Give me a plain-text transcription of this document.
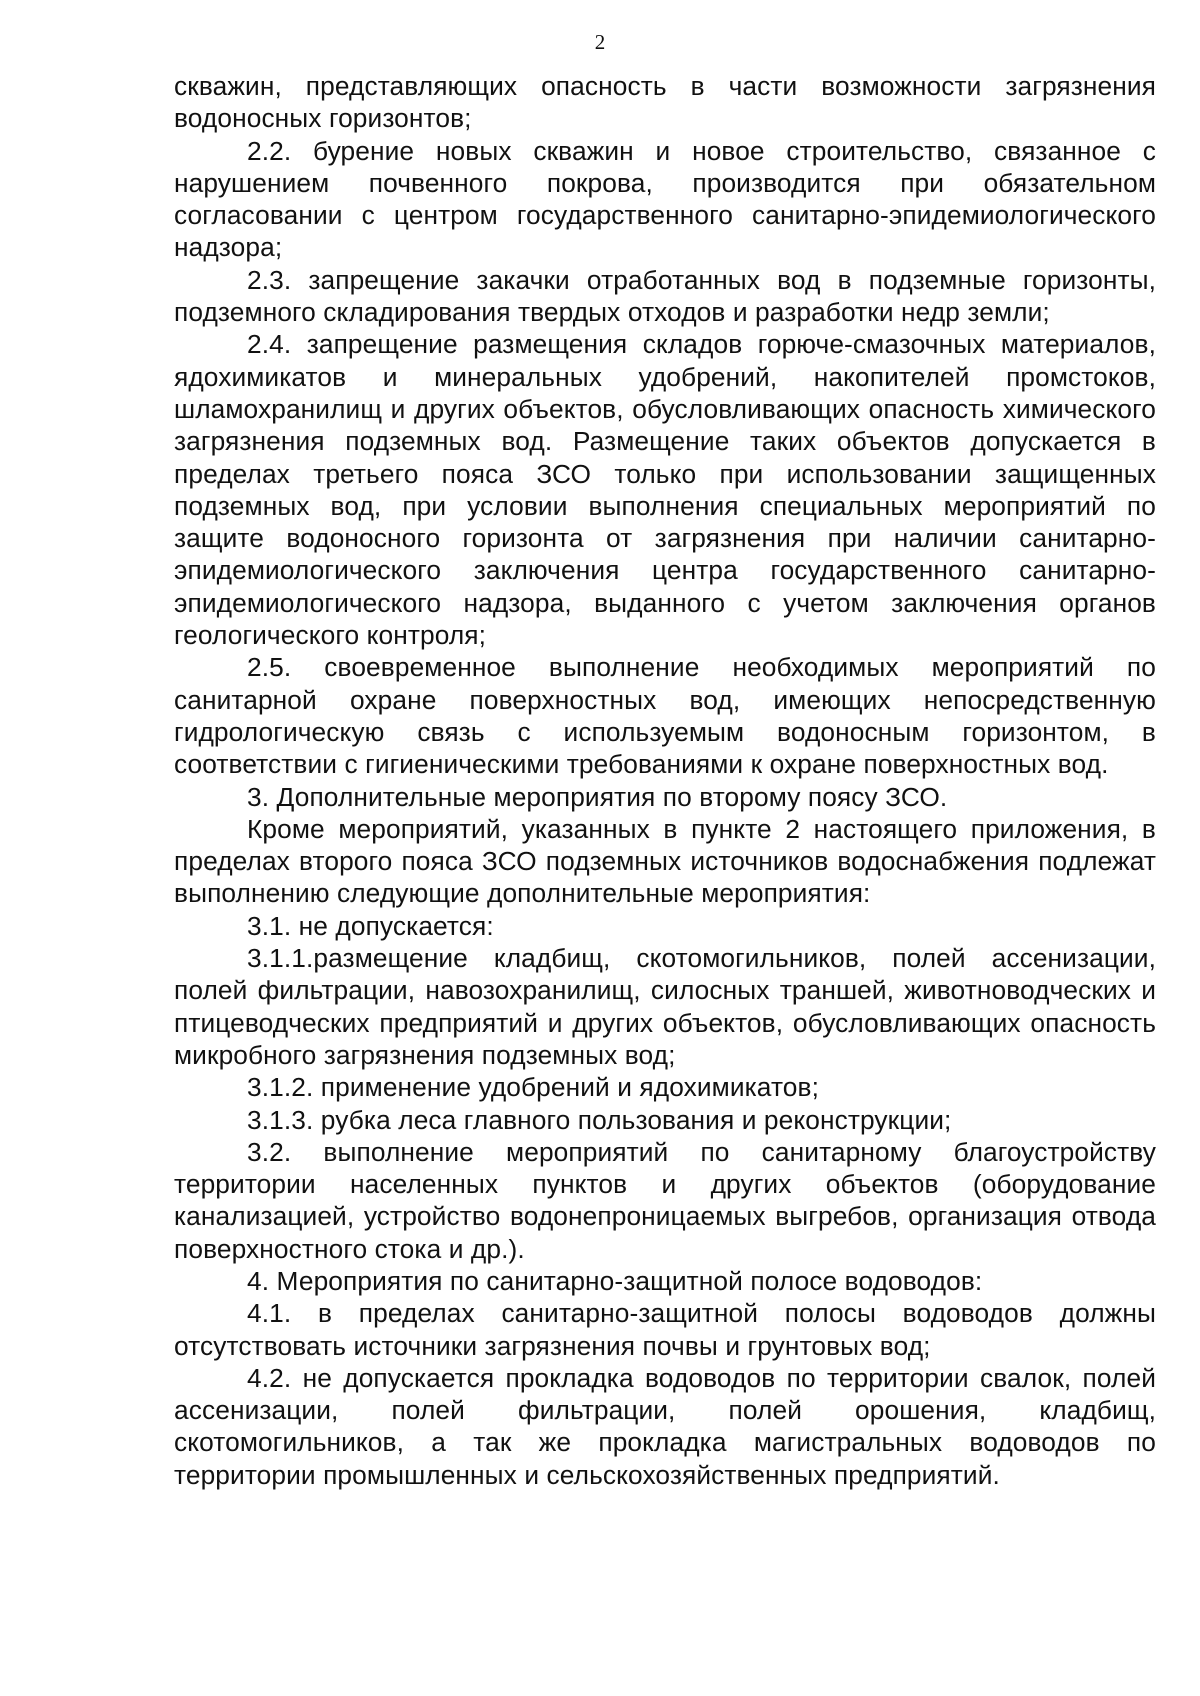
2

скважин, представляющих опасность в части возможности загрязнения водоносных горизонтов;

2.2. бурение новых скважин и новое строительство, связанное с нарушением почвенного покрова, производится при обязательном согласовании с центром государственного санитарно-эпидемиологического надзора;

2.3. запрещение закачки отработанных вод в подземные горизонты, подземного складирования твердых отходов и разработки недр земли;

2.4. запрещение размещения складов горюче-смазочных материалов, ядохимикатов и минеральных удобрений, накопителей промстоков, шламохранилищ и других объектов, обусловливающих опасность химического загрязнения подземных вод. Размещение таких объектов допускается в пределах третьего пояса ЗСО только при использовании защищенных подземных вод, при условии выполнения специальных мероприятий по защите водоносного горизонта от загрязнения при наличии санитарно-эпидемиологического заключения центра государственного санитарно-эпидемиологического надзора, выданного с учетом заключения органов геологического контроля;

2.5. своевременное выполнение необходимых мероприятий по санитарной охране поверхностных вод, имеющих непосредственную гидрологическую связь с используемым водоносным горизонтом, в соответствии с гигиеническими требованиями к охране поверхностных вод.

3. Дополнительные мероприятия по второму поясу ЗСО.

Кроме мероприятий, указанных в пункте 2 настоящего приложения, в пределах второго пояса ЗСО подземных источников водоснабжения подлежат выполнению следующие дополнительные мероприятия:

3.1. не допускается:

3.1.1.размещение кладбищ, скотомогильников, полей ассенизации, полей фильтрации, навозохранилищ, силосных траншей, животноводческих и птицеводческих предприятий и других объектов, обусловливающих опасность микробного загрязнения подземных вод;

3.1.2. применение удобрений и ядохимикатов;

3.1.3. рубка леса главного пользования и реконструкции;

3.2. выполнение мероприятий по санитарному благоустройству территории населенных пунктов и других объектов (оборудование канализацией, устройство водонепроницаемых выгребов, организация отвода поверхностного стока и др.).

4. Мероприятия по санитарно-защитной полосе водоводов:

4.1. в пределах санитарно-защитной полосы водоводов должны отсутствовать источники загрязнения почвы и грунтовых вод;

4.2. не допускается прокладка водоводов по территории свалок, полей ассенизации, полей фильтрации, полей орошения, кладбищ, скотомогильников, а так же прокладка магистральных водоводов по территории промышленных и сельскохозяйственных предприятий.
